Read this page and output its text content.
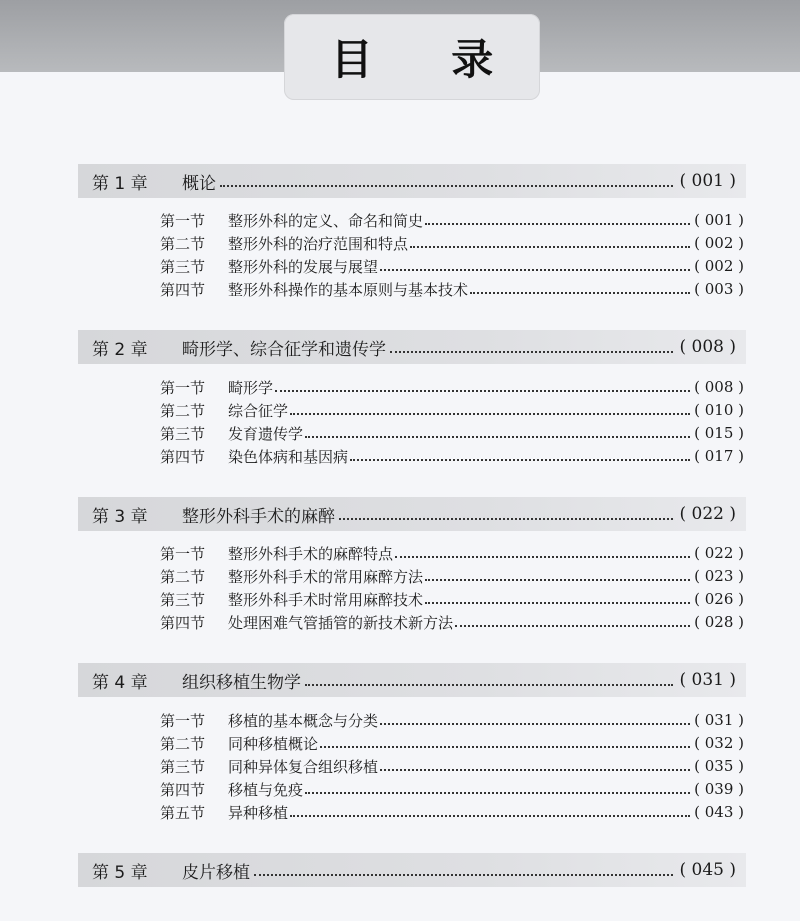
目 录
第 1 章	概论	( 001 )
第一节	整形外科的定义、命名和简史	( 001 )
第二节	整形外科的治疗范围和特点	( 002 )
第三节	整形外科的发展与展望	( 002 )
第四节	整形外科操作的基本原则与基本技术	( 003 )
第 2 章	畸形学、综合征学和遗传学	( 008 )
第一节	畸形学	( 008 )
第二节	综合征学	( 010 )
第三节	发育遗传学	( 015 )
第四节	染色体病和基因病	( 017 )
第 3 章	整形外科手术的麻醉	( 022 )
第一节	整形外科手术的麻醉特点	( 022 )
第二节	整形外科手术的常用麻醉方法	( 023 )
第三节	整形外科手术时常用麻醉技术	( 026 )
第四节	处理困难气管插管的新技术新方法	( 028 )
第 4 章	组织移植生物学	( 031 )
第一节	移植的基本概念与分类	( 031 )
第二节	同种移植概论	( 032 )
第三节	同种异体复合组织移植	( 035 )
第四节	移植与免疫	( 039 )
第五节	异种移植	( 043 )
第 5 章	皮片移植	( 045 )
